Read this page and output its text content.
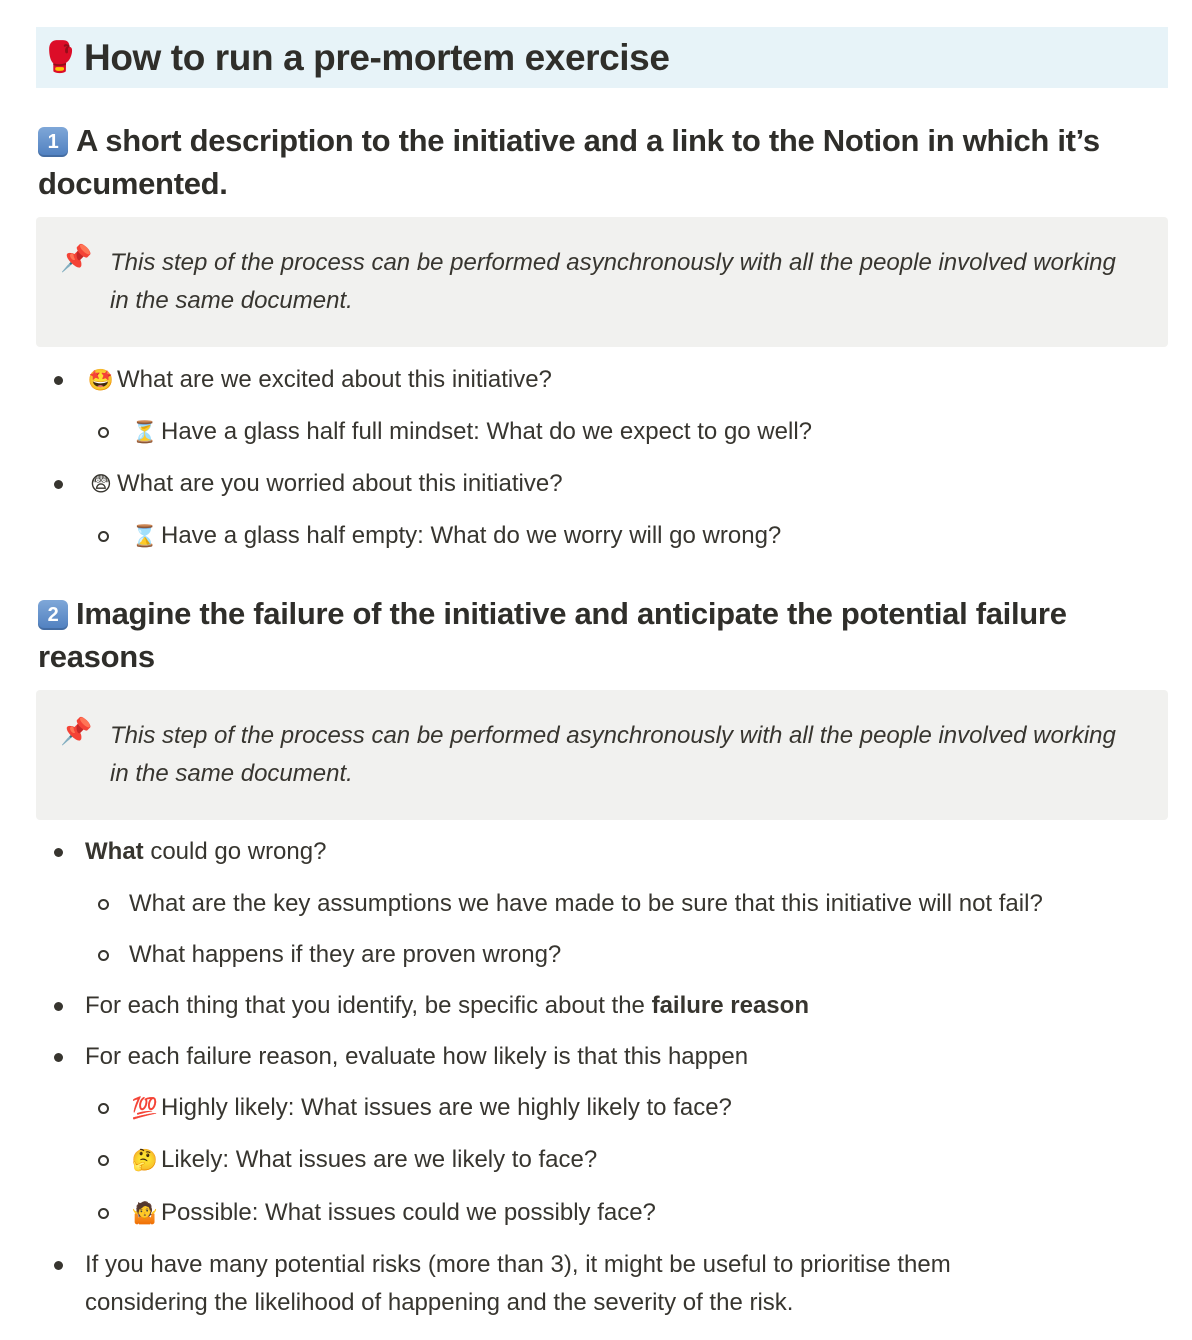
🥊 How to run a pre-mortem exercise
1 A short description to the initiative and a link to the Notion in which it’s documented.
📌 This step of the process can be performed asynchronously with all the people involved working in the same document.
🤩 What are we excited about this initiative?
⏳ Have a glass half full mindset: What do we expect to go well?
😨 What are you worried about this initiative?
⌛ Have a glass half empty: What do we worry will go wrong?
2 Imagine the failure of the initiative and anticipate the potential failure reasons
📌 This step of the process can be performed asynchronously with all the people involved working in the same document.
What could go wrong?
What are the key assumptions we have made to be sure that this initiative will not fail?
What happens if they are proven wrong?
For each thing that you identify, be specific about the failure reason
For each failure reason, evaluate how likely is that this happen
💯 Highly likely: What issues are we highly likely to face?
🤔 Likely: What issues are we likely to face?
🤷 Possible: What issues could we possibly face?
If you have many potential risks (more than 3), it might be useful to prioritise them
considering the likelihood of happening and the severity of the risk.
